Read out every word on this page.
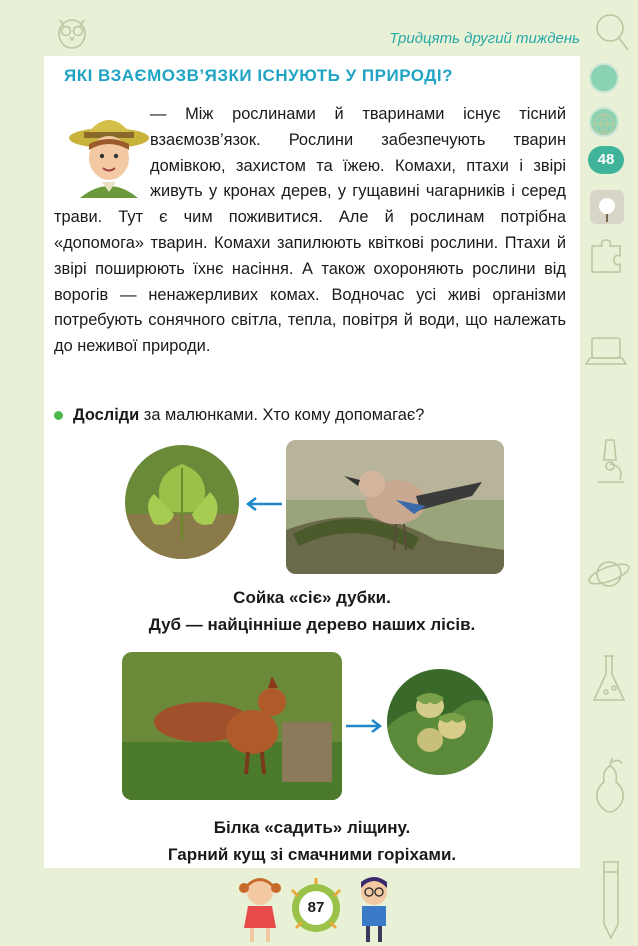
Тридцять другий тиждень
ЯКІ ВЗАЄМОЗВ’ЯЗКИ ІСНУЮТЬ У ПРИРОДІ?
— Між рослинами й тваринами існує тісний взаємозв’язок. Рослини забезпечують тварин домівкою, захистом та їжею. Комахи, птахи і звірі живуть у кронах дерев, у гущавині чагарників і серед трави. Тут є чим поживитися. Але й рослинам потрібна «допомога» тварин. Комахи запилюють квіткові рослини. Птахи й звірі поширюють їхнє насіння. А також охороняють рослини від ворогів — ненажерливих комах. Водночас усі живі організми потребують сонячного світла, тепла, повітря й води, що належать до неживої природи.
Досліди за малюнками. Хто кому допомагає?
Сойка «сіє» дубки.
Дуб — найцінніше дерево наших лісів.
Білка «садить» ліщину.
Гарний кущ зі смачними горіхами.
48
87
